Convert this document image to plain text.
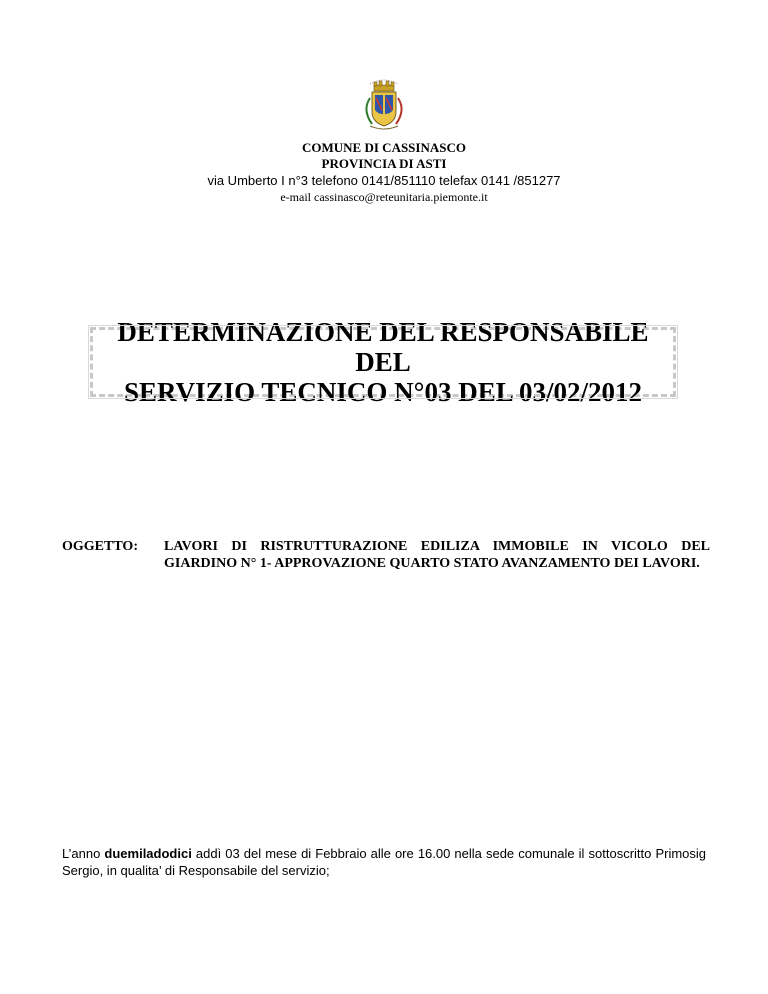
COMUNE DI CASSINASCO
PROVINCIA DI ASTI
via Umberto I n°3 telefono 0141/851110 telefax 0141 /851277
e-mail cassinasco@reteunitaria.piemonte.it
DETERMINAZIONE DEL RESPONSABILE DEL
SERVIZIO TECNICO N°03 DEL 03/02/2012
OGGETTO:	LAVORI DI RISTRUTTURAZIONE EDILIZA IMMOBILE IN VICOLO DEL GIARDINO N° 1- APPROVAZIONE QUARTO STATO AVANZAMENTO DEI LAVORI.
L’anno duemiladodici addì 03 del mese di Febbraio alle ore 16.00 nella sede comunale il sottoscritto Primosig Sergio, in qualita’ di Responsabile del servizio;
